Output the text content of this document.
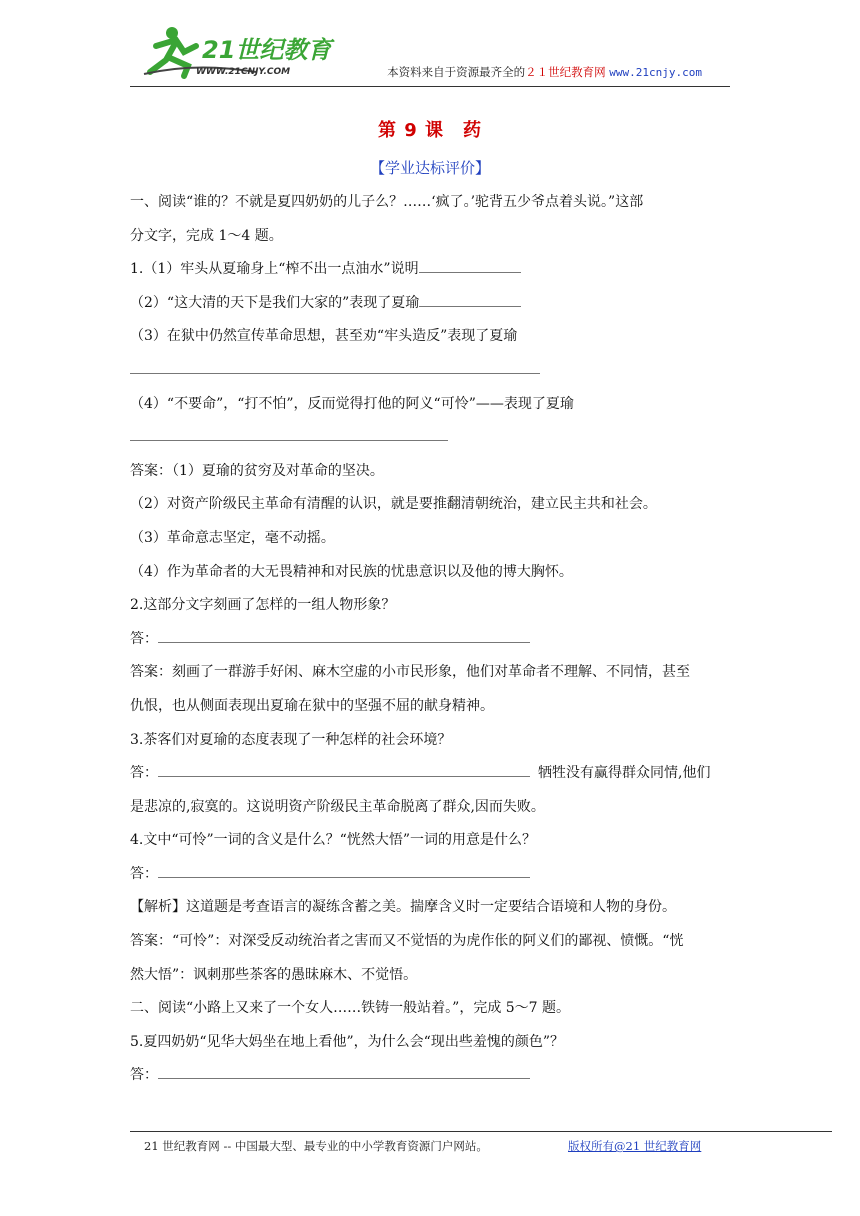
21世纪教育
WWW.21CNJY.COM	本资料来自于资源最齐全的２１世纪教育网 www.21cnjy.com
第 9 课　药
【学业达标评价】

一、阅读“谁的？不就是夏四奶奶的儿子么？……‘疯了。’驼背五少爷点着头说。”这部

分文字，完成 1～4 题。

1.（1）牢头从夏瑜身上“榨不出一点油水”说明

（2）“这大清的天下是我们大家的”表现了夏瑜

（3）在狱中仍然宣传革命思想，甚至劝“牢头造反”表现了夏瑜

（4）“不要命”，“打不怕”，反而觉得打他的阿义“可怜”——表现了夏瑜

答案：（1）夏瑜的贫穷及对革命的坚决。

（2）对资产阶级民主革命有清醒的认识，就是要推翻清朝统治，建立民主共和社会。

（3）革命意志坚定，毫不动摇。

（4）作为革命者的大无畏精神和对民族的忧患意识以及他的博大胸怀。

2.这部分文字刻画了怎样的一组人物形象？

答：

答案：刻画了一群游手好闲、麻木空虚的小市民形象，他们对革命者不理解、不同情，甚至

仇恨，也从侧面表现出夏瑜在狱中的坚强不屈的献身精神。

3.茶客们对夏瑜的态度表现了一种怎样的社会环境？

答：	牺牲没有赢得群众同情,他们

是悲凉的,寂寞的。这说明资产阶级民主革命脱离了群众,因而失败。

4.文中“可怜”一词的含义是什么？“恍然大悟”一词的用意是什么？

答：

【解析】这道题是考查语言的凝练含蓄之美。揣摩含义时一定要结合语境和人物的身份。

答案：“可怜”：对深受反动统治者之害而又不觉悟的为虎作伥的阿义们的鄙视、愤慨。“恍

然大悟”：讽刺那些茶客的愚昧麻木、不觉悟。

二、阅读“小路上又来了一个女人……铁铸一般站着。”，完成 5～7 题。

5.夏四奶奶“见华大妈坐在地上看他”，为什么会“现出些羞愧的颜色”？

答：

21 世纪教育网 -- 中国最大型、最专业的中小学教育资源门户网站。	版权所有@21 世纪教育网
